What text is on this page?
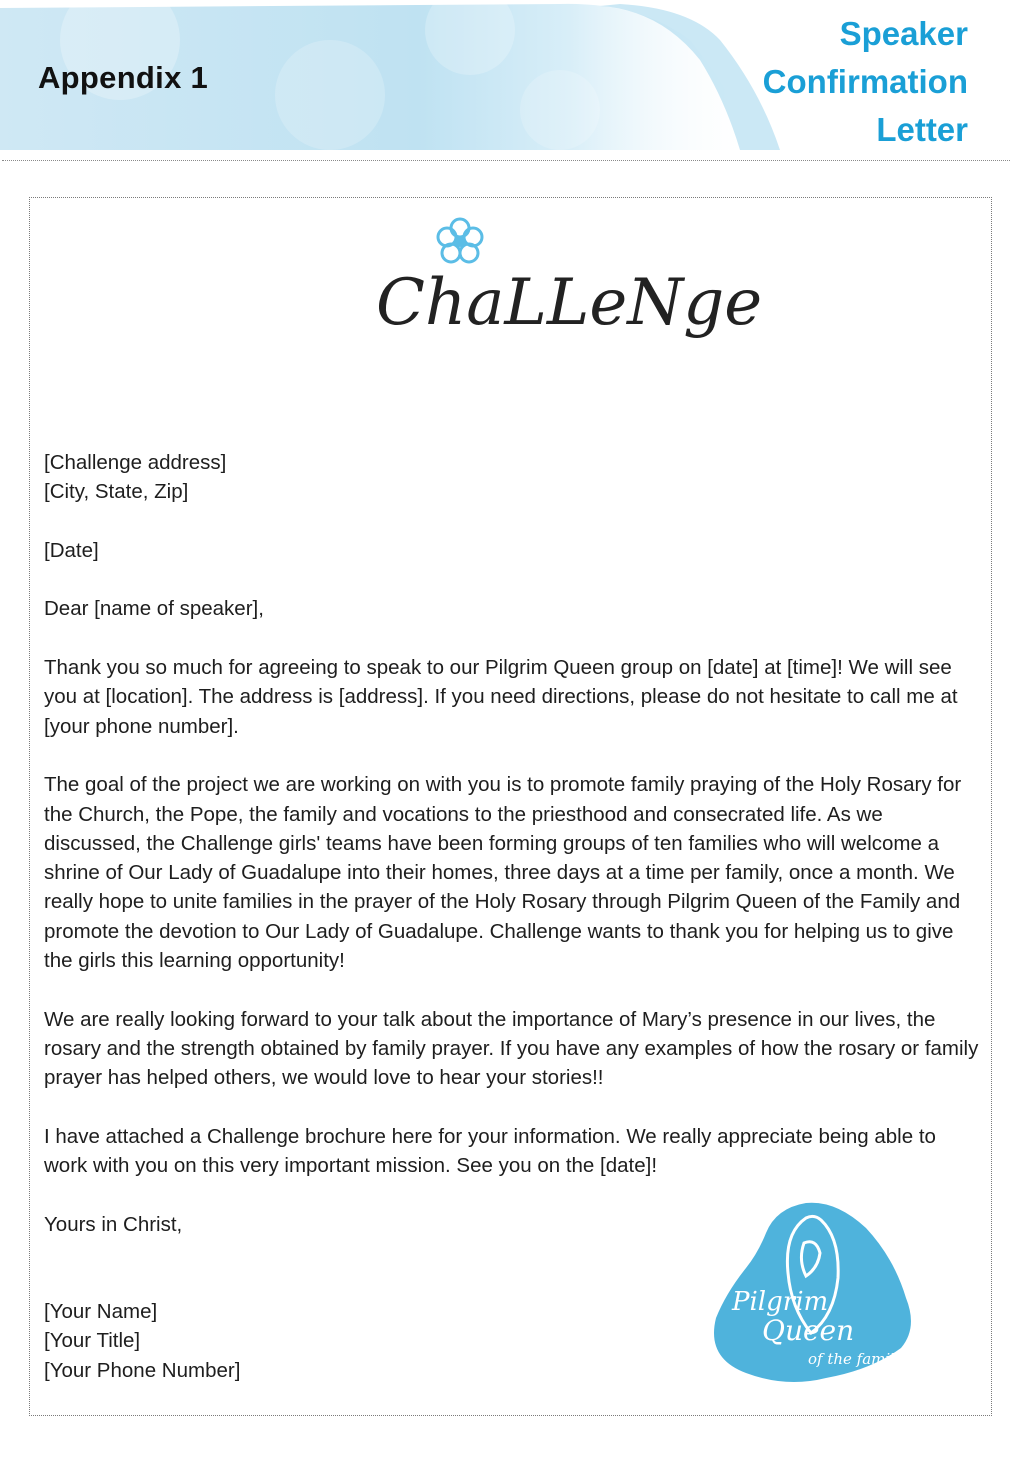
Appendix 1
Speaker
Confirmation
Letter
ChaLLeNge

[Challenge address]

[City, State, Zip]

[Date]

Dear [name of speaker],

Thank you so much for agreeing to speak to our Pilgrim Queen group on [date] at [time]! We will see you at [location]. The address is [address]. If you need directions, please do not hesitate to call me at [your phone number].

The goal of the project we are working on with you is to promote family praying of the Holy Rosary for the Church, the Pope, the family and vocations to the priesthood and consecrated life. As we discussed, the Challenge girls' teams have been forming groups of ten families who will welcome a shrine of Our Lady of Guadalupe into their homes, three days at a time per family, once a month. We really hope to unite families in the prayer of the Holy Rosary through Pilgrim Queen of the Family and promote the devotion to Our Lady of Guadalupe. Challenge wants to thank you for helping us to give the girls this learning opportunity!

We are really looking forward to your talk about the importance of Mary’s presence in our lives, the rosary and the strength obtained by family prayer. If you have any examples of how the rosary or family prayer has helped others, we would love to hear your stories!!

I have attached a Challenge brochure here for your information. We really appreciate being able to work with you on this very important mission. See you on the [date]!

Yours in Christ,

[Your Name]

[Your Title]

[Your Phone Number]

Pilgrim
Queen
of the family
